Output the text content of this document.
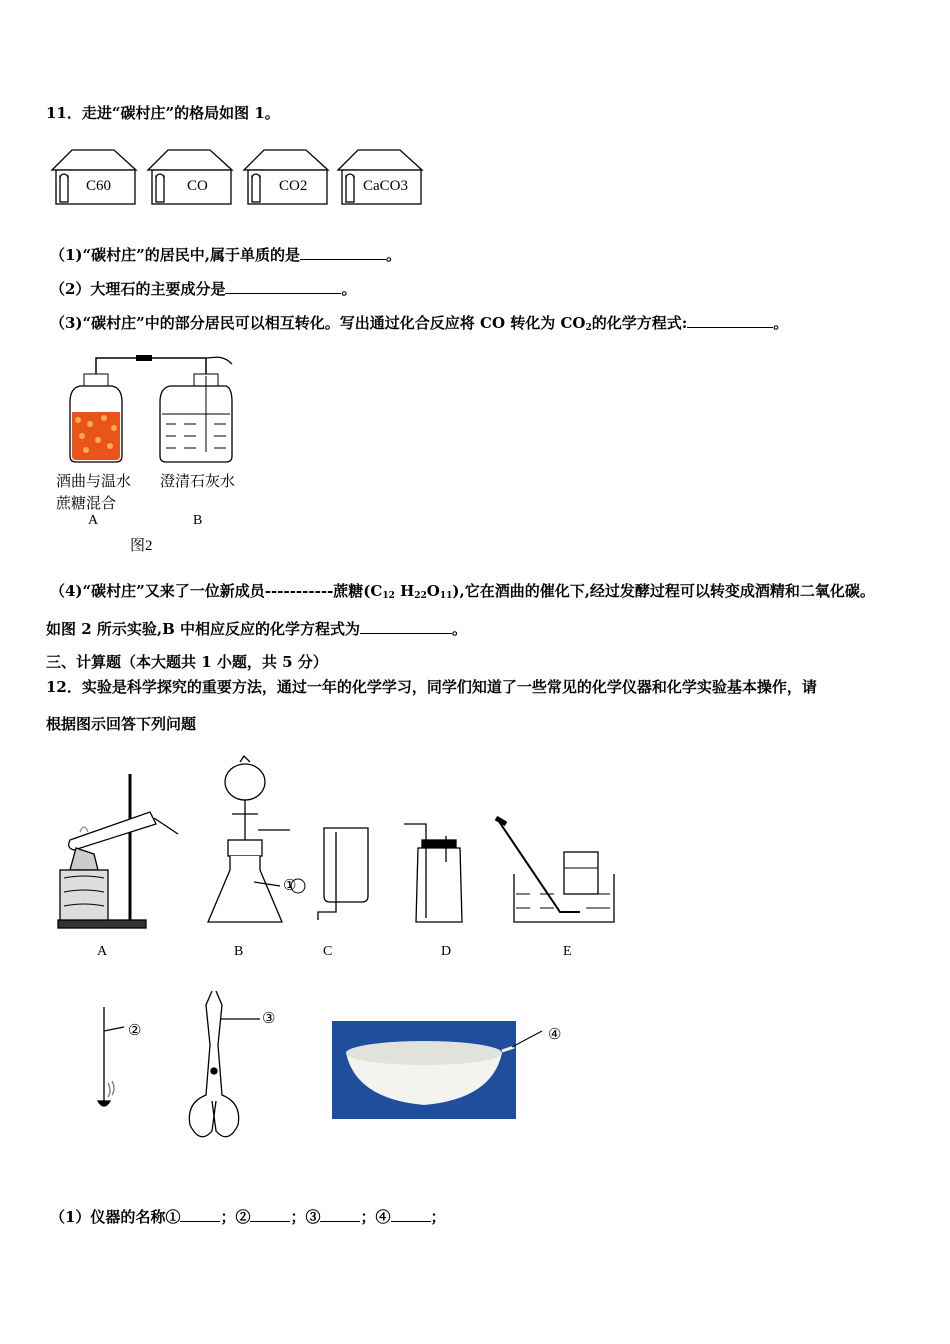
11．走进“碳村庄”的格局如图 1。
C60	CO	CO2	CaCO3
（1)“碳村庄”的居民中,属于单质的是	。
（2）大理石的主要成分是	。
（3)“碳村庄”中的部分居民可以相互转化。写出通过化合反应将 CO 转化为 $CO_2$的化学方程式:	。
酒曲与温水
蔗糖混合
澄清石灰水
A	B
图2
（4)“碳村庄”又来了一位新成员-----------蔗糖($C_{12}$ $H_{22}O_{11}$),它在酒曲的催化下,经过发酵过程可以转变成酒精和二氧化碳。
如图 2 所示实验,B 中相应反应的化学方程式为	。
三、计算题（本大题共 1 小题，共 5 分）
12．实验是科学探究的重要方法，通过一年的化学学习，同学们知道了一些常见的化学仪器和化学实验基本操作，请
根据图示回答下列问题
A	B	C	D	E
①
②
③
④
（1）仪器的名称①	；②	；③	；④	；
